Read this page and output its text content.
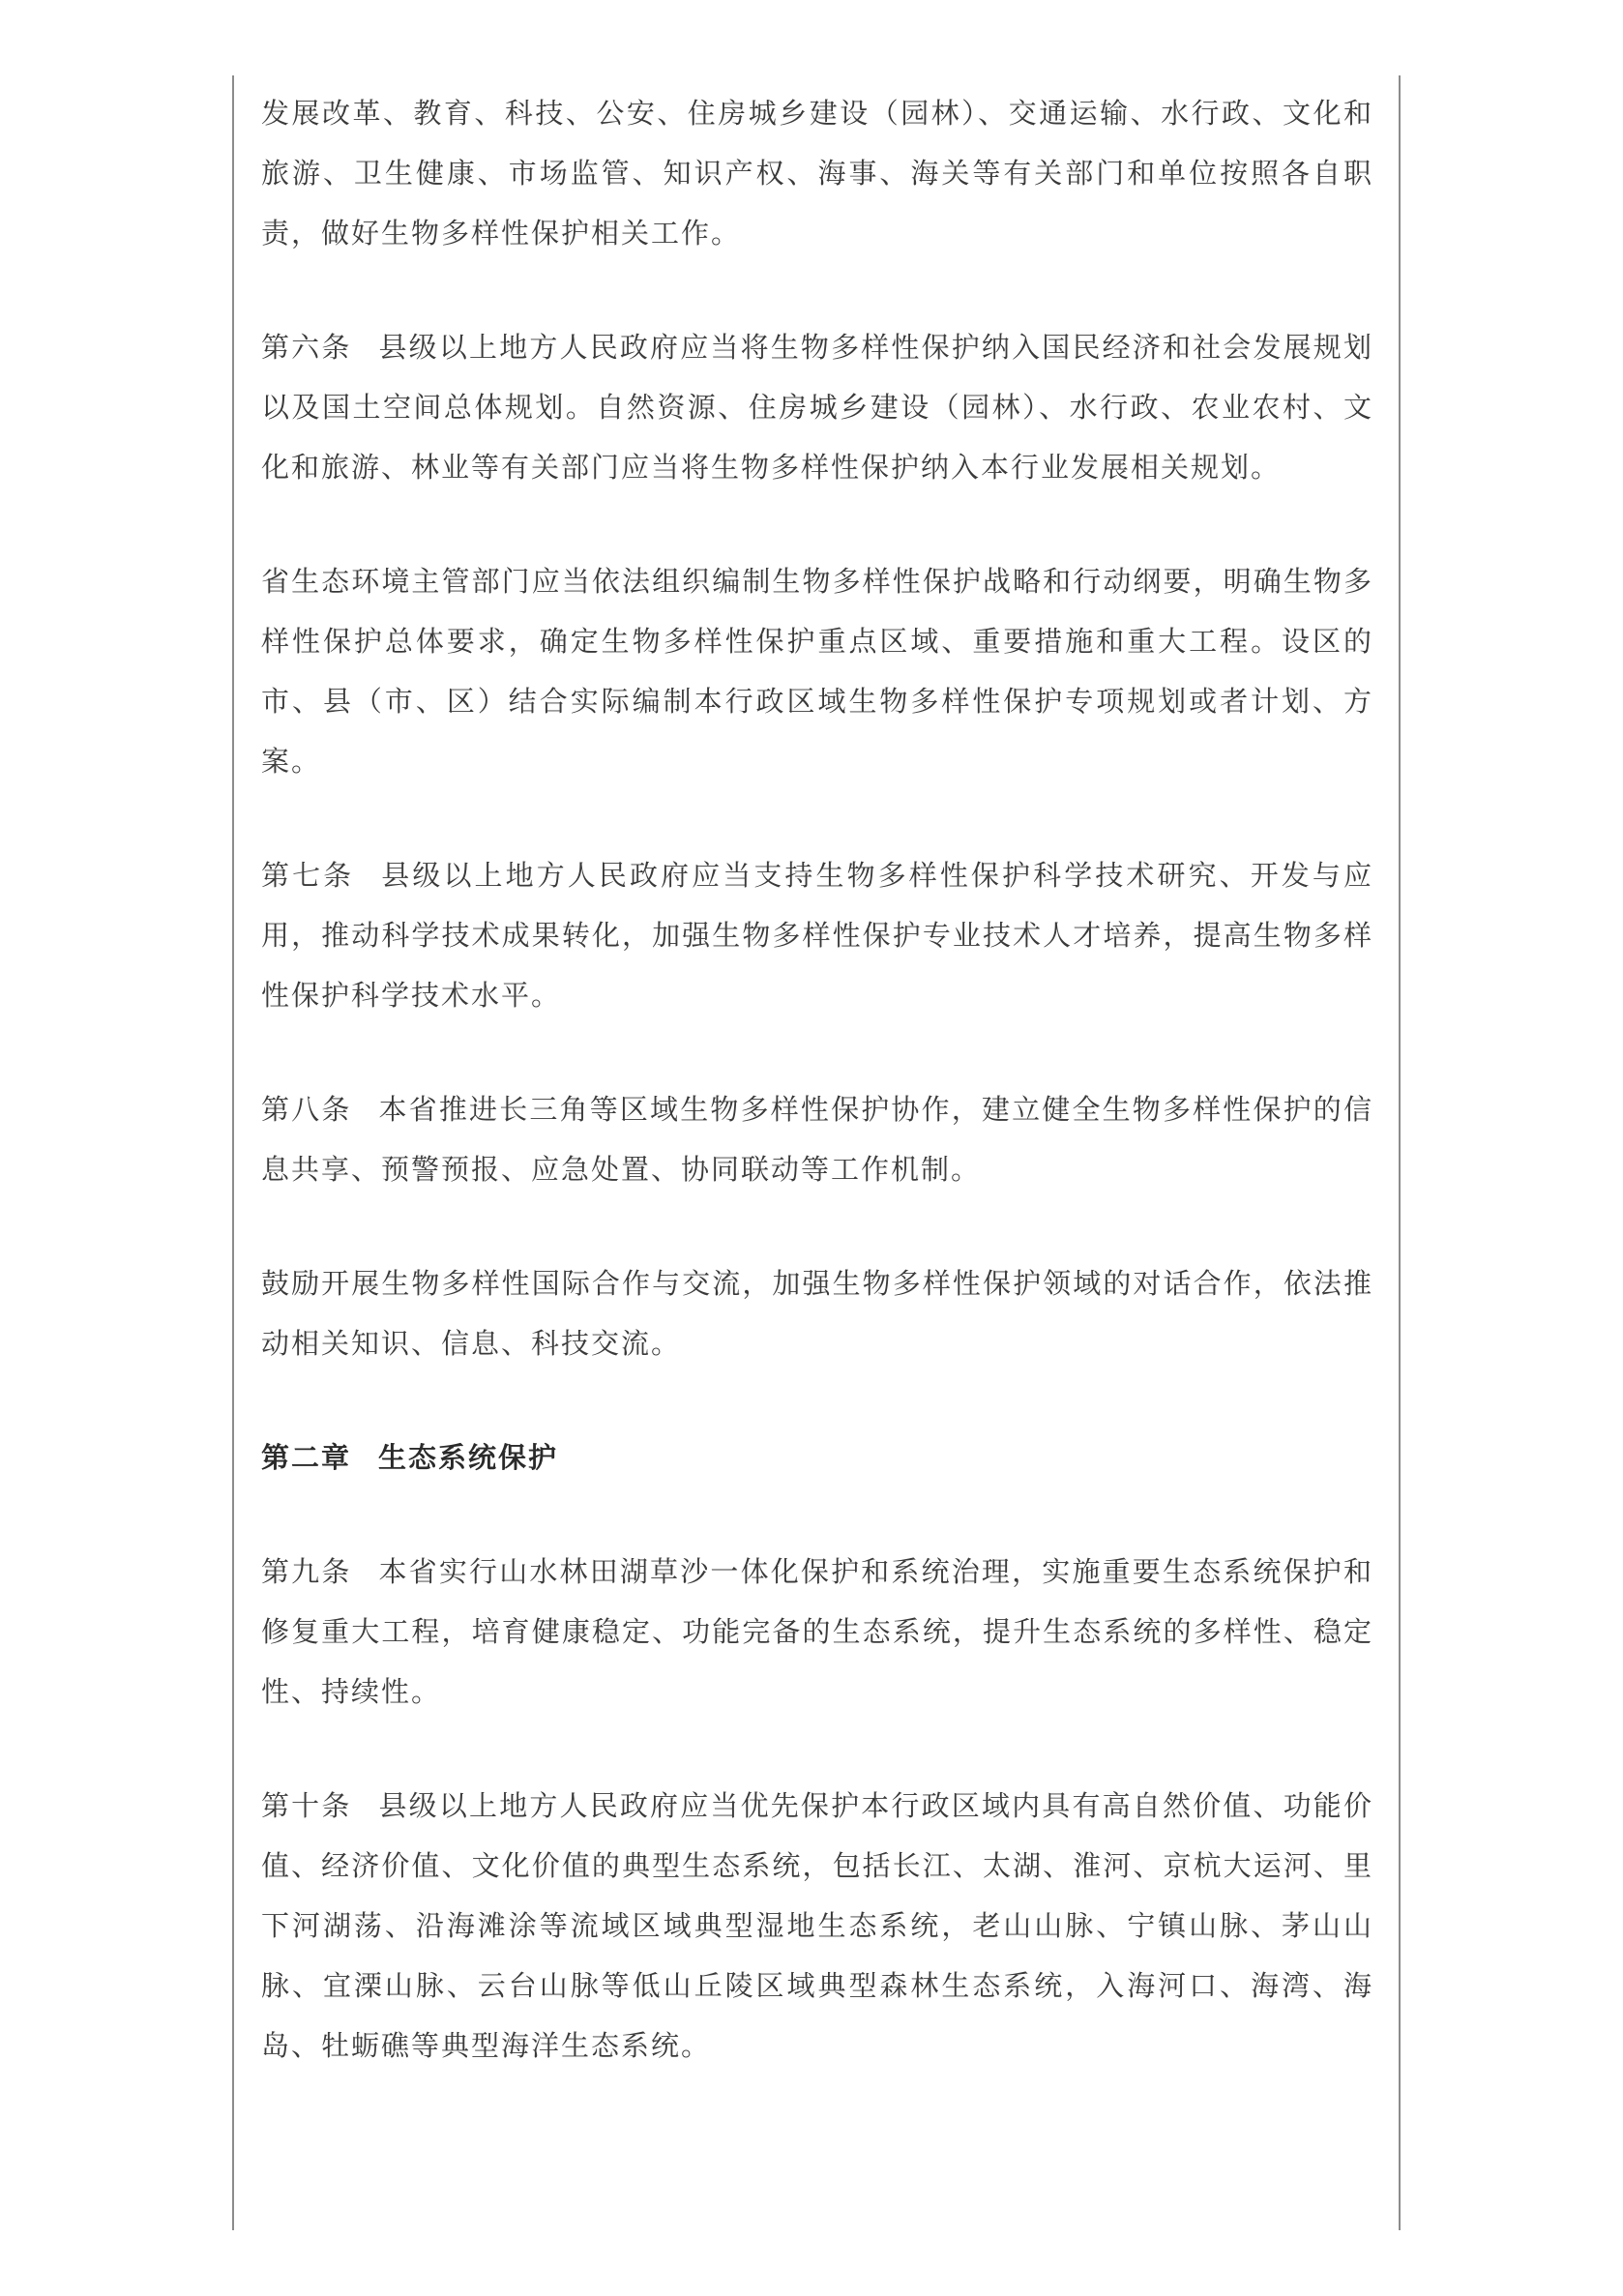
发展改革、教育、科技、公安、住房城乡建设（园林）、交通运输、水行政、文化和旅游、卫生健康、市场监管、知识产权、海事、海关等有关部门和单位按照各自职责，做好生物多样性保护相关工作。

第六条 县级以上地方人民政府应当将生物多样性保护纳入国民经济和社会发展规划以及国土空间总体规划。自然资源、住房城乡建设（园林）、水行政、农业农村、文化和旅游、林业等有关部门应当将生物多样性保护纳入本行业发展相关规划。

省生态环境主管部门应当依法组织编制生物多样性保护战略和行动纲要，明确生物多样性保护总体要求，确定生物多样性保护重点区域、重要措施和重大工程。设区的市、县（市、区）结合实际编制本行政区域生物多样性保护专项规划或者计划、方案。

第七条 县级以上地方人民政府应当支持生物多样性保护科学技术研究、开发与应用，推动科学技术成果转化，加强生物多样性保护专业技术人才培养，提高生物多样性保护科学技术水平。

第八条 本省推进长三角等区域生物多样性保护协作，建立健全生物多样性保护的信息共享、预警预报、应急处置、协同联动等工作机制。

鼓励开展生物多样性国际合作与交流，加强生物多样性保护领域的对话合作，依法推动相关知识、信息、科技交流。

第二章 生态系统保护

第九条 本省实行山水林田湖草沙一体化保护和系统治理，实施重要生态系统保护和修复重大工程，培育健康稳定、功能完备的生态系统，提升生态系统的多样性、稳定性、持续性。

第十条 县级以上地方人民政府应当优先保护本行政区域内具有高自然价值、功能价值、经济价值、文化价值的典型生态系统，包括长江、太湖、淮河、京杭大运河、里下河湖荡、沿海滩涂等流域区域典型湿地生态系统，老山山脉、宁镇山脉、茅山山脉、宜溧山脉、云台山脉等低山丘陵区域典型森林生态系统，入海河口、海湾、海岛、牡蛎礁等典型海洋生态系统。
